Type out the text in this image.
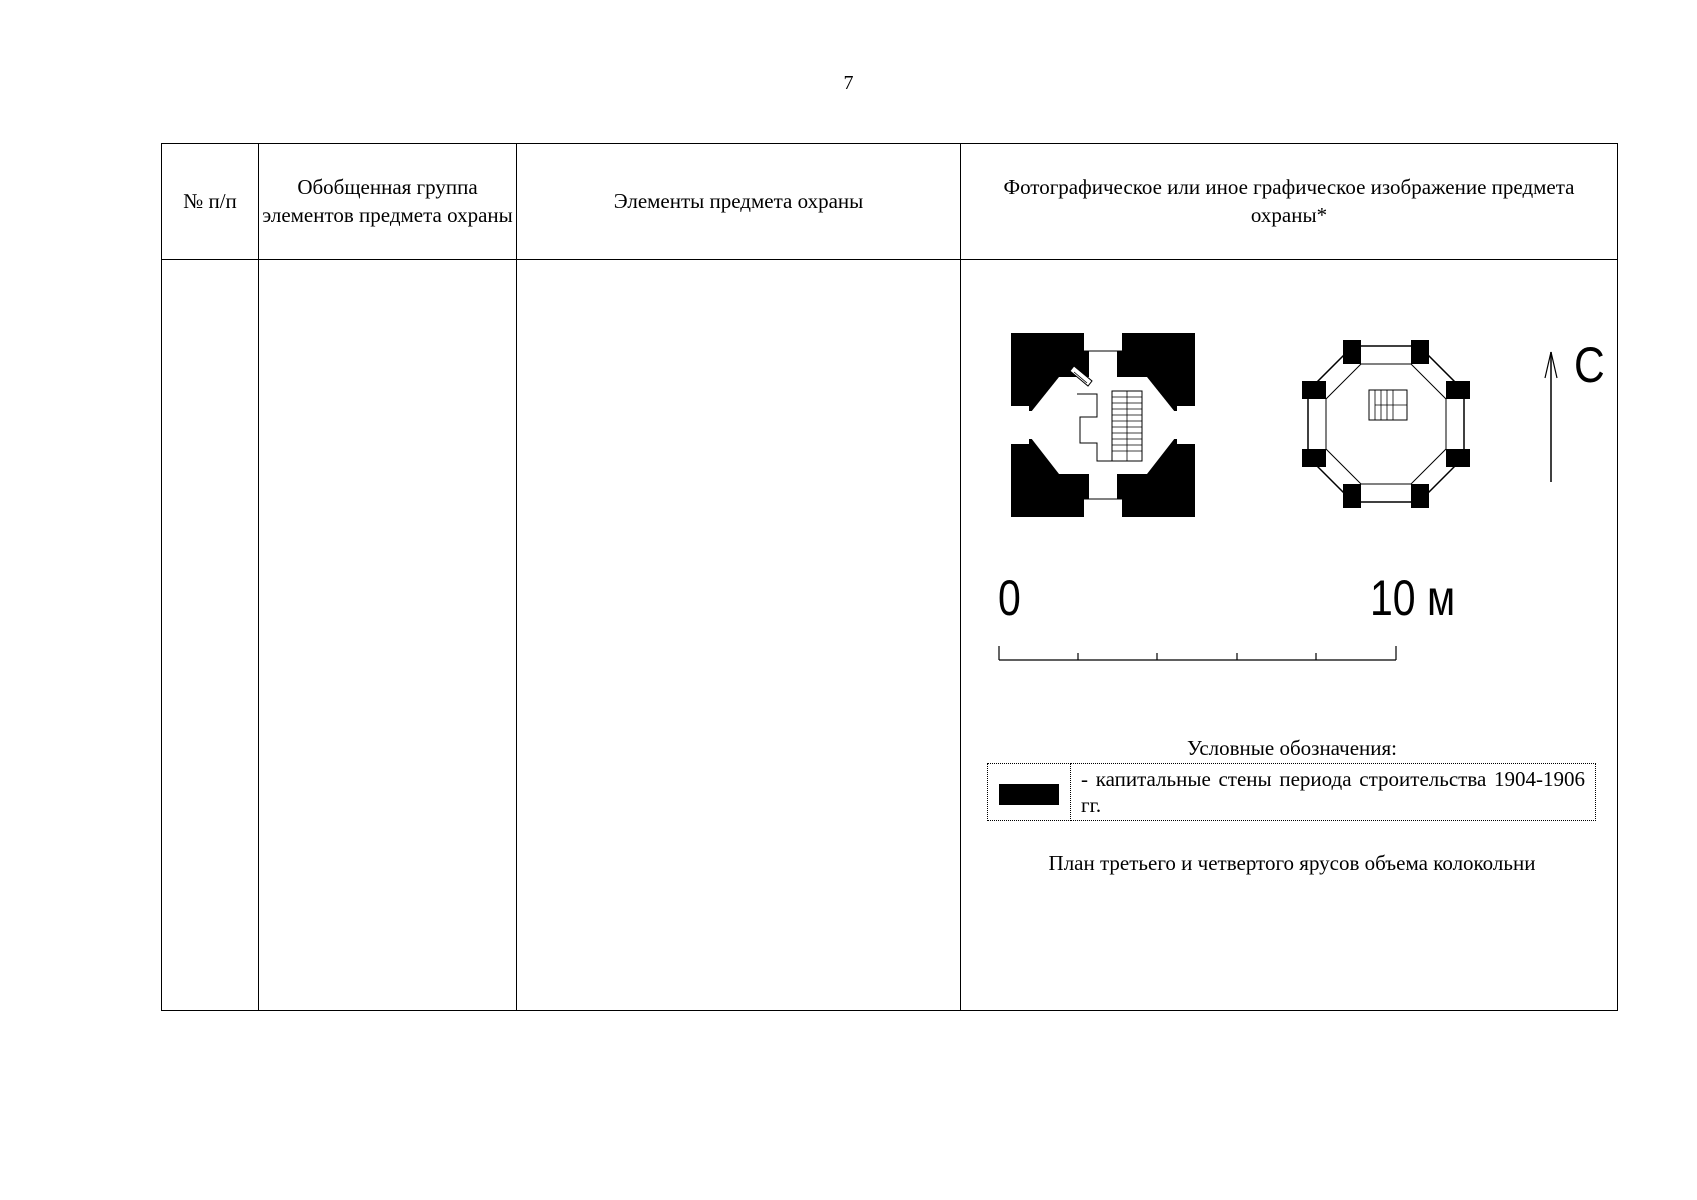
7
№ п/п	Обобщенная группа элементов предмета охраны	Элементы предмета охраны	Фотографическое или иное графическое изображение предмета охраны*

С
0	10 м
Условные обозначения:
	- капитальные стены периода строительства 1904-1906 гг.
План третьего и четвертого ярусов объема колокольни
